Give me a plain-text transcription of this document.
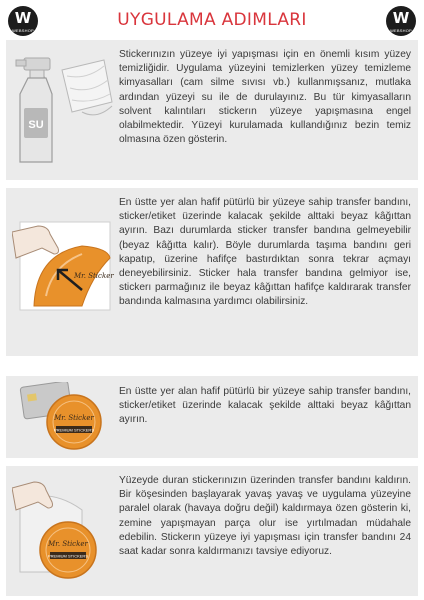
W
WEBSHOP
UYGULAMA ADIMLARI	W
WEBSHOP
SU

Stickerınızın yüzeye iyi yapışması için en önemli kısım yüzey temizliğidir. Uygulama yüzeyini temizlerken yüzey temizleme kimyasalları (cam silme sıvısı vb.) kullanmışsanız, mutlaka ardından yüzeyi su ile de durulayınız. Bu tür kimyasalların solvent kalıntıları stickerın yüzeye yapışmasına engel olabilmektedir. Yüzeyi kurulamada kullandığınız bezin temiz olmasına özen gösterin.

Mr. Sticker

En üstte yer alan hafif pütürlü bir yüzeye sahip transfer bandını, sticker/etiket üzerinde kalacak şekilde alttaki beyaz kâğıttan ayırın. Bazı durumlarda sticker transfer bandına gelmeyebilir (beyaz kâğıtta kalır). Böyle durumlarda taşıma bandını geri kapatıp, üzerine hafifçe bastırdıktan sonra tekrar açmayı deneyebilirsiniz. Sticker hala transfer bandına gelmiyor ise, stickerı parmağınız ile beyaz kâğıttan hafifçe kaldırarak transfer bandında kalmasına yardımcı olabilirsiniz.

Mr. Sticker
PREMIUM STICKERS

En üstte yer alan hafif pütürlü bir yüzeye sahip transfer bandını, sticker/etiket üzerinde kalacak şekilde alttaki beyaz kâğıttan ayırın.

Mr. Sticker
PREMIUM STICKERS

Yüzeyde duran stickerınızın üzerinden transfer bandını kaldırın. Bir köşesinden başlayarak yavaş yavaş ve uygulama yüzeyine paralel olarak (havaya doğru değil) kaldırmaya özen gösterin ki, zemine yapışmayan parça olur ise yırtılmadan müdahale edebilin. Stickerın yüzeye iyi yapışması için transfer bandını 24 saat kadar sonra kaldırmanızı tavsiye ediyoruz.
